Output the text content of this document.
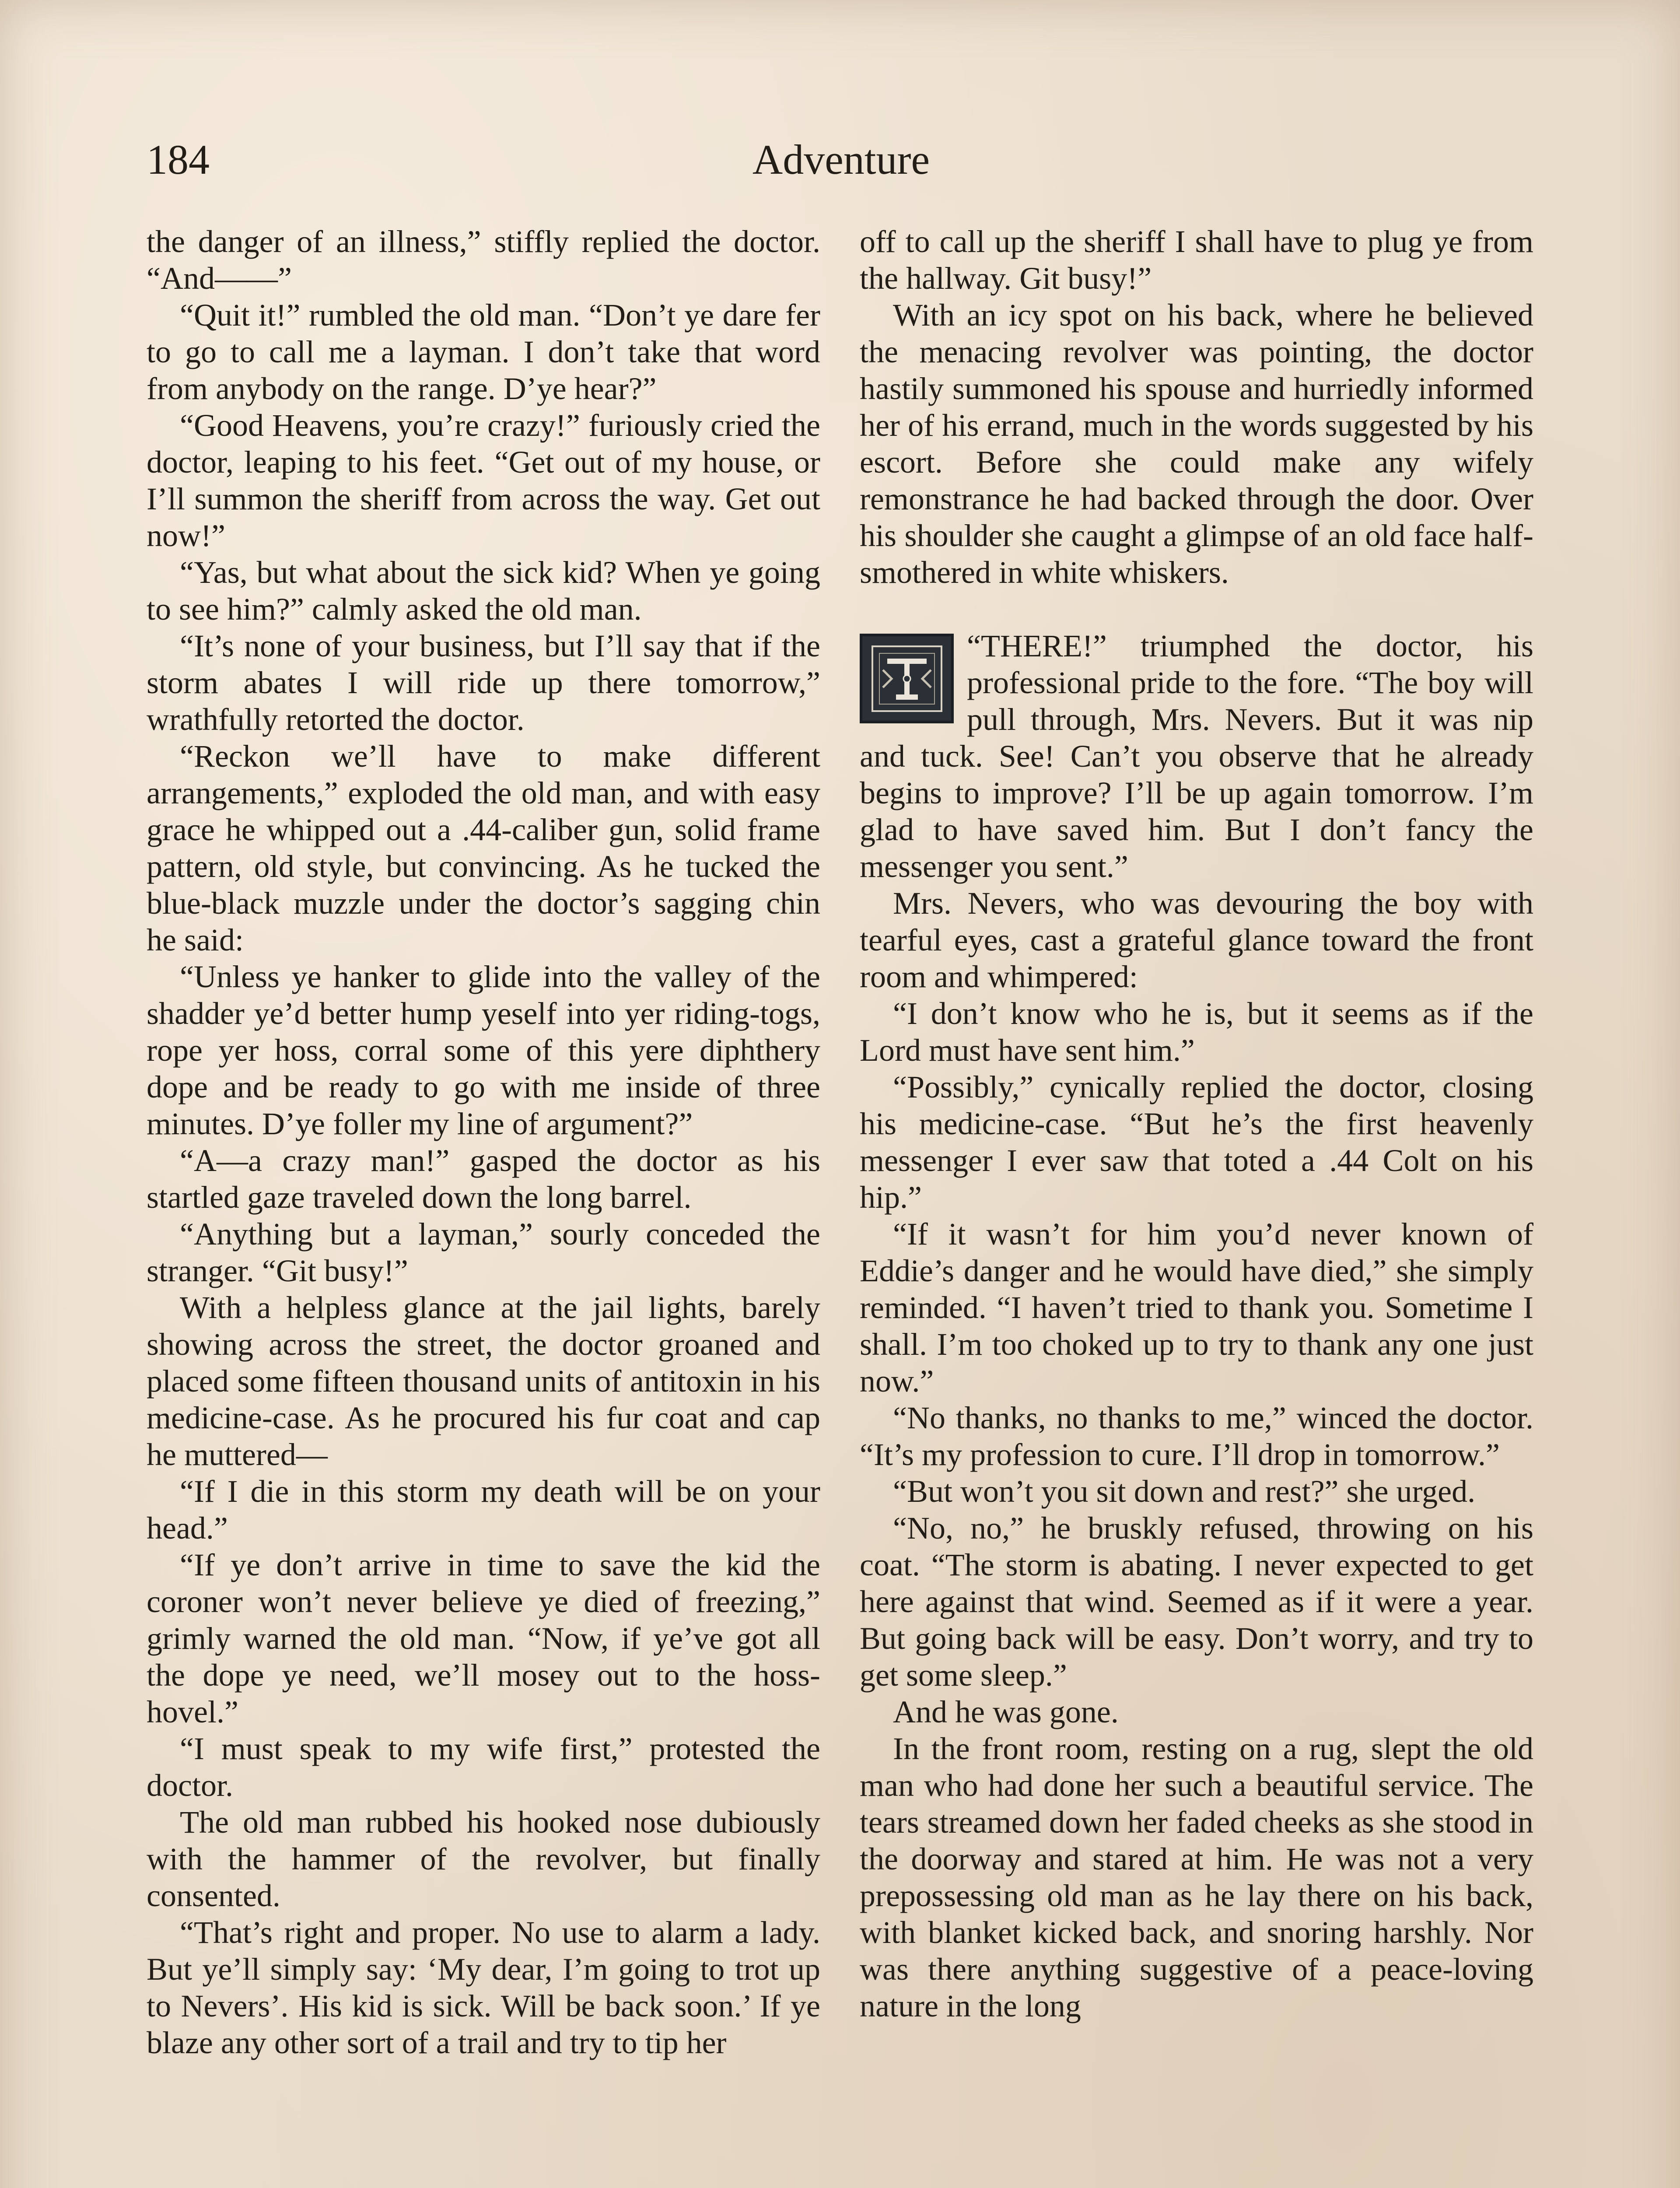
184	Adventure

the danger of an illness,” stiffly replied the doctor. “And——”

“Quit it!” rumbled the old man. “Don’t ye dare fer to go to call me a layman. I don’t take that word from anybody on the range. D’ye hear?”

“Good Heavens, you’re crazy!” furiously cried the doctor, leaping to his feet. “Get out of my house, or I’ll summon the sheriff from across the way. Get out now!”

“Yas, but what about the sick kid? When ye going to see him?” calmly asked the old man.

“It’s none of your business, but I’ll say that if the storm abates I will ride up there tomorrow,” wrathfully retorted the doctor.

“Reckon we’ll have to make different arrangements,” exploded the old man, and with easy grace he whipped out a .44-caliber gun, solid frame pattern, old style, but convincing. As he tucked the blue-black muzzle under the doctor’s sagging chin he said:

“Unless ye hanker to glide into the valley of the shadder ye’d better hump yeself into yer riding-togs, rope yer hoss, corral some of this yere diphthery dope and be ready to go with me inside of three minutes. D’ye foller my line of argument?”

“A—a crazy man!” gasped the doctor as his startled gaze traveled down the long barrel.

“Anything but a layman,” sourly conceded the stranger. “Git busy!”

With a helpless glance at the jail lights, barely showing across the street, the doctor groaned and placed some fifteen thousand units of antitoxin in his medicine-case. As he procured his fur coat and cap he muttered—

“If I die in this storm my death will be on your head.”

“If ye don’t arrive in time to save the kid the coroner won’t never believe ye died of freezing,” grimly warned the old man. “Now, if ye’ve got all the dope ye need, we’ll mosey out to the hoss-hovel.”

“I must speak to my wife first,” protested the doctor.

The old man rubbed his hooked nose dubiously with the hammer of the revolver, but finally consented.

“That’s right and proper. No use to alarm a lady. But ye’ll simply say: ‘My dear, I’m going to trot up to Nevers’. His kid is sick. Will be back soon.’ If ye blaze any other sort of a trail and try to tip her

off to call up the sheriff I shall have to plug ye from the hallway. Git busy!”

With an icy spot on his back, where he believed the menacing revolver was pointing, the doctor hastily summoned his spouse and hurriedly informed her of his errand, much in the words suggested by his escort. Before she could make any wifely remonstrance he had backed through the door. Over his shoulder she caught a glimpse of an old face half-smothered in white whiskers.

“THERE!” triumphed the doctor, his professional pride to the fore. “The boy will pull through, Mrs. Nevers. But it was nip and tuck. See! Can’t you observe that he already begins to improve? I’ll be up again tomorrow. I’m glad to have saved him. But I don’t fancy the messenger you sent.”

Mrs. Nevers, who was devouring the boy with tearful eyes, cast a grateful glance toward the front room and whimpered:

“I don’t know who he is, but it seems as if the Lord must have sent him.”

“Possibly,” cynically replied the doctor, closing his medicine-case. “But he’s the first heavenly messenger I ever saw that toted a .44 Colt on his hip.”

“If it wasn’t for him you’d never known of Eddie’s danger and he would have died,” she simply reminded. “I haven’t tried to thank you. Sometime I shall. I’m too choked up to try to thank any one just now.”

“No thanks, no thanks to me,” winced the doctor. “It’s my profession to cure. I’ll drop in tomorrow.”

“But won’t you sit down and rest?” she urged.

“No, no,” he bruskly refused, throwing on his coat. “The storm is abating. I never expected to get here against that wind. Seemed as if it were a year. But going back will be easy. Don’t worry, and try to get some sleep.”

And he was gone.

In the front room, resting on a rug, slept the old man who had done her such a beautiful service. The tears streamed down her faded cheeks as she stood in the doorway and stared at him. He was not a very prepossessing old man as he lay there on his back, with blanket kicked back, and snoring harshly. Nor was there anything suggestive of a peace-loving nature in the long
